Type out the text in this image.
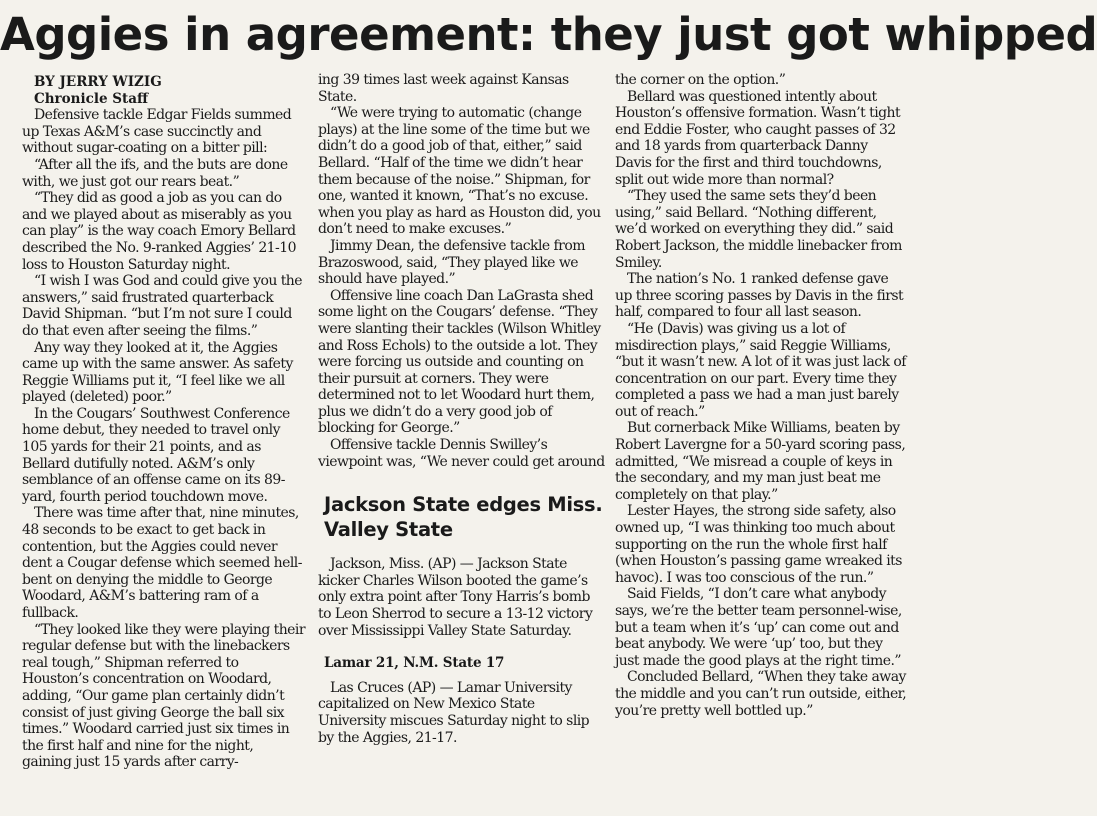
Aggies in agreement: they just got whipped

BY JERRY WIZIG

Chronicle Staff

Defensive tackle Edgar Fields summed up Texas A&M’s case succinctly and without sugar-coating on a bitter pill:

“After all the ifs, and the buts are done with, we just got our rears beat.”

“They did as good a job as you can do and we played about as miserably as you can play” is the way coach Emory Bellard described the No. 9-ranked Aggies’ 21-10 loss to Houston Saturday night.

“I wish I was God and could give you the answers,” said frustrated quarterback David Shipman. “but I’m not sure I could do that even after seeing the films.”

Any way they looked at it, the Aggies came up with the same answer. As safety Reggie Williams put it, “I feel like we all played (deleted) poor.”

In the Cougars’ Southwest Conference home debut, they needed to travel only 105 yards for their 21 points, and as Bellard dutifully noted. A&M’s only semblance of an offense came on its 89-yard, fourth period touchdown move.

There was time after that, nine minutes, 48 seconds to be exact to get back in contention, but the Aggies could never dent a Cougar defense which seemed hell-bent on denying the middle to George Woodard, A&M’s battering ram of a fullback.

“They looked like they were playing their regular defense but with the linebackers real tough,” Shipman referred to Houston’s concentration on Woodard, adding, “Our game plan certainly didn’t consist of just giving George the ball six times.” Woodard carried just six times in the first half and nine for the night, gaining just 15 yards after carry-

ing 39 times last week against Kansas State.

“We were trying to automatic (change plays) at the line some of the time but we didn’t do a good job of that, either,” said Bellard. “Half of the time we didn’t hear them because of the noise.” Shipman, for one, wanted it known, “That’s no excuse. when you play as hard as Houston did, you don’t need to make excuses.”

Jimmy Dean, the defensive tackle from Brazoswood, said, “They played like we should have played.”

Offensive line coach Dan LaGrasta shed some light on the Cougars’ defense. “They were slanting their tackles (Wilson Whitley and Ross Echols) to the outside a lot. They were forcing us outside and counting on their pursuit at corners. They were determined not to let Woodard hurt them, plus we didn’t do a very good job of blocking for George.”

Offensive tackle Dennis Swilley’s viewpoint was, “We never could get around

Jackson State edges Miss. Valley State

Jackson, Miss. (AP) — Jackson State kicker Charles Wilson booted the game’s only extra point after Tony Harris’s bomb to Leon Sherrod to secure a 13-12 victory over Mississippi Valley State Saturday.

Lamar 21, N.M. State 17

Las Cruces (AP) — Lamar University capitalized on New Mexico State University miscues Saturday night to slip by the Aggies, 21-17.

the corner on the option.”

Bellard was questioned intently about Houston’s offensive formation. Wasn’t tight end Eddie Foster, who caught passes of 32 and 18 yards from quarterback Danny Davis for the first and third touchdowns, split out wide more than normal?

“They used the same sets they’d been using,” said Bellard. “Nothing different, we’d worked on everything they did.” said Robert Jackson, the middle linebacker from Smiley.

The nation’s No. 1 ranked defense gave up three scoring passes by Davis in the first half, compared to four all last season.

“He (Davis) was giving us a lot of misdirection plays,” said Reggie Williams, “but it wasn’t new. A lot of it was just lack of concentration on our part. Every time they completed a pass we had a man just barely out of reach.”

But cornerback Mike Williams, beaten by Robert Lavergne for a 50-yard scoring pass, admitted, “We misread a couple of keys in the secondary, and my man just beat me completely on that play.”

Lester Hayes, the strong side safety, also owned up, “I was thinking too much about supporting on the run the whole first half (when Houston’s passing game wreaked its havoc). I was too conscious of the run.”

Said Fields, “I don’t care what anybody says, we’re the better team personnel-wise, but a team when it’s ‘up’ can come out and beat anybody. We were ‘up’ too, but they just made the good plays at the right time.”

Concluded Bellard, “When they take away the middle and you can’t run outside, either, you’re pretty well bottled up.”
